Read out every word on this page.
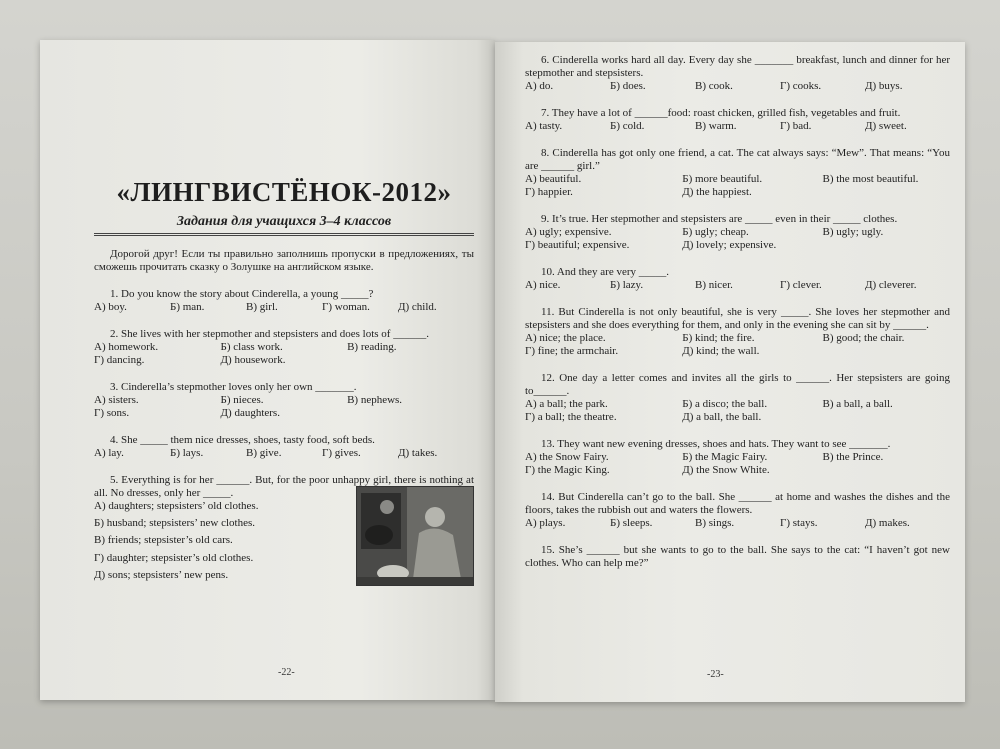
«ЛИНГВИСТЁНОК-2012»
Задания для учащихся 3–4 классов
Дорогой друг! Если ты правильно заполнишь пропуски в предложениях, ты сможешь прочитать сказку о Золушке на английском языке.
1. Do you know the story about Cinderella, a young _____?
А) boy.	Б) man.	В) girl.	Г) woman.	Д) child.
2. She lives with her stepmother and stepsisters and does lots of ______.
А) homework.	Б) class work.	В) reading.
Г) dancing.	Д) housework.
3. Cinderella’s stepmother loves only her own _______.
А) sisters.	Б) nieces.	В) nephews.
Г) sons.	Д) daughters.
4. She _____ them nice dresses, shoes, tasty food, soft beds.
А) lay.	Б) lays.	В) give.	Г) gives.	Д) takes.
5. Everything is for her ______. But, for the poor unhappy girl, there is nothing at all. No dresses, only her _____.
А) daughters; stepsisters’ old clothes.
Б) husband; stepsisters’ new clothes.
В) friends; stepsister’s old cars.
Г) daughter; stepsister’s old clothes.
Д) sons; stepsisters’ new pens.
-22-
6. Cinderella works hard all day. Every day she _______ breakfast, lunch and dinner for her stepmother and stepsisters.
А) do.	Б) does.	В) cook.	Г) cooks.	Д) buys.
7. They have a lot of ______food: roast chicken, grilled fish, vegetables and fruit.
А) tasty.	Б) cold.	В) warm.	Г) bad.	Д) sweet.
8. Cinderella has got only one friend, a cat. The cat always says: “Mew”. That means: “You are ______ girl.”
А) beautiful.	Б) more beautiful.	В) the most beautiful.
Г) happier.	Д) the happiest.
9. It’s true. Her stepmother and stepsisters are _____ even in their _____ clothes.
А) ugly; expensive.	Б) ugly; cheap.	В) ugly; ugly.
Г) beautiful; expensive.	Д) lovely; expensive.
10. And they are very _____.
А) nice.	Б) lazy.	В) nicer.	Г) clever.	Д) cleverer.
11. But Cinderella is not only beautiful, she is very _____. She loves her stepmother and stepsisters and she does everything for them, and only in the evening she can sit by ______.
А) nice; the place.	Б) kind; the fire.	В) good; the chair.
Г) fine; the armchair.	Д) kind; the wall.
12. One day a letter comes and invites all the girls to ______. Her stepsisters are going to______.
А) a ball; the park.	Б) a disco; the ball.	В) a ball, a ball.
Г) a ball; the theatre.	Д) a ball, the ball.
13. They want new evening dresses, shoes and hats. They want to see _______.
А) the Snow Fairy.	Б) the Magic Fairy.	В) the Prince.
Г) the Magic King.	Д) the Snow White.
14. But Cinderella can’t go to the ball. She ______ at home and washes the dishes and the floors, takes the rubbish out and waters the flowers.
А) plays.	Б) sleeps.	В) sings.	Г) stays.	Д) makes.
15. She’s ______ but she wants to go to the ball. She says to the cat: “I haven’t got new clothes. Who can help me?”
-23-
